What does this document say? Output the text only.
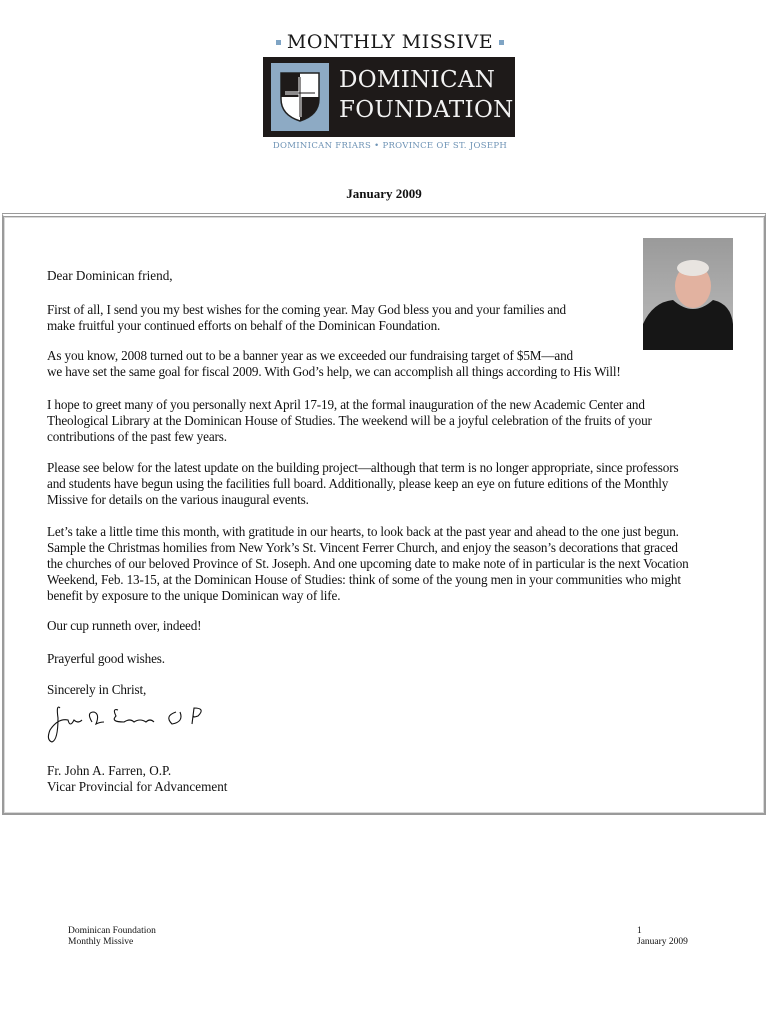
MONTHLY MISSIVE
DOMINICAN
FOUNDATION
DOMINICAN FRIARS • PROVINCE OF ST. JOSEPH
January 2009

Dear Dominican friend,

First of all, I send you my best wishes for the coming year. May God bless you and your families and
make fruitful your continued efforts on behalf of the Dominican Foundation.

As you know, 2008 turned out to be a banner year as we exceeded our fundraising target of $5M—and
we have set the same goal for fiscal 2009. With God’s help, we can accomplish all things according to His Will!

I hope to greet many of you personally next April 17-19, at the formal inauguration of the new Academic Center and
Theological Library at the Dominican House of Studies. The weekend will be a joyful celebration of the fruits of your
contributions of the past few years.

Please see below for the latest update on the building project—although that term is no longer appropriate, since professors
and students have begun using the facilities full board. Additionally, please keep an eye on future editions of the Monthly
Missive for details on the various inaugural events.

Let’s take a little time this month, with gratitude in our hearts, to look back at the past year and ahead to the one just begun.
Sample the Christmas homilies from New York’s St. Vincent Ferrer Church, and enjoy the season’s decorations that graced
the churches of our beloved Province of St. Joseph. And one upcoming date to make note of in particular is the next Vocation
Weekend, Feb. 13-15, at the Dominican House of Studies: think of some of the young men in your communities who might
benefit by exposure to the unique Dominican way of life.

Our cup runneth over, indeed!

Prayerful good wishes.

Sincerely in Christ,

Fr. John A. Farren, O.P.
Vicar Provincial for Advancement
Dominican Foundation
Monthly Missive
1
January 2009
